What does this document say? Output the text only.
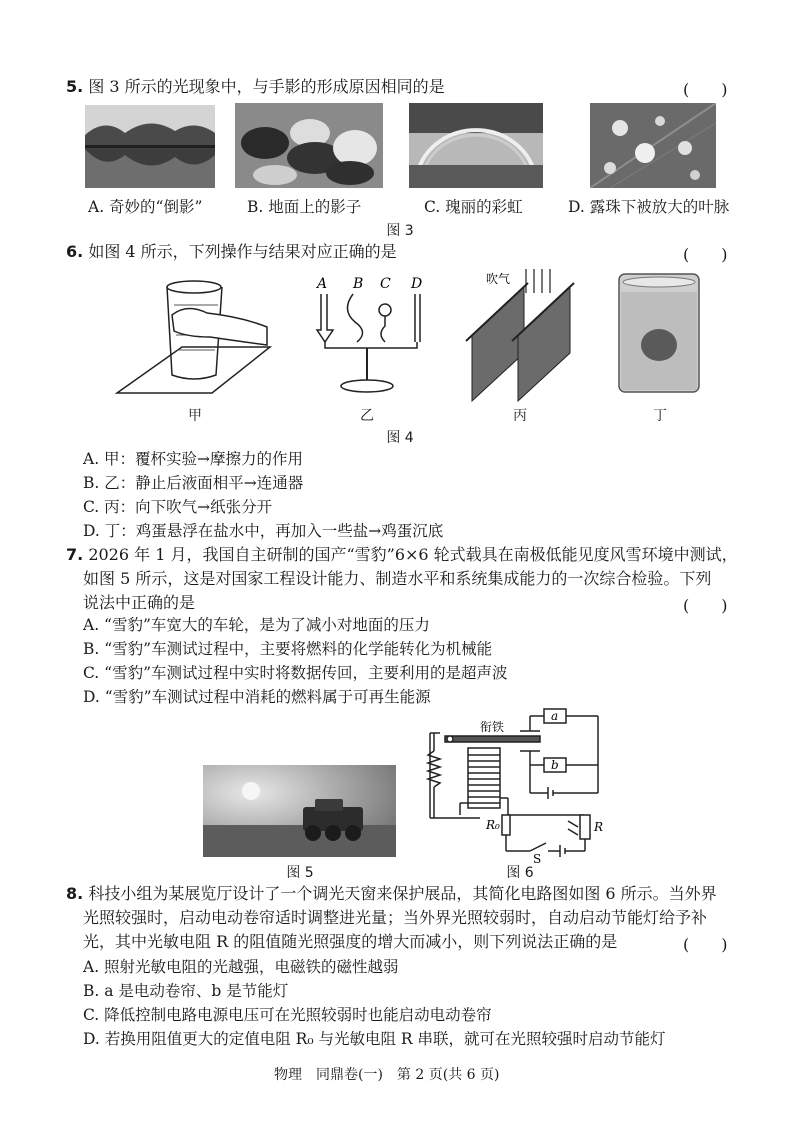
5. 图 3 所示的光现象中，与手影的形成原因相同的是	(　　)
A. 奇妙的“倒影”	B. 地面上的影子	C. 瑰丽的彩虹	D. 露珠下被放大的叶脉
图 3
6. 如图 4 所示，下列操作与结果对应正确的是	(　　)
甲
A B C D
乙
吹气
丙	丁
图 4
A. 甲：覆杯实验→摩擦力的作用
B. 乙：静止后液面相平→连通器
C. 丙：向下吹气→纸张分开
D. 丁：鸡蛋悬浮在盐水中，再加入一些盐→鸡蛋沉底
7. 2026 年 1 月，我国自主研制的国产“雪豹”6×6 轮式载具在南极低能见度风雪环境中测试，
如图 5 所示，这是对国家工程设计能力、制造水平和系统集成能力的一次综合检验。下列
说法中正确的是	(　　)
A. “雪豹”车宽大的车轮，是为了减小对地面的压力
B. “雪豹”车测试过程中，主要将燃料的化学能转化为机械能
C. “雪豹”车测试过程中实时将数据传回，主要利用的是超声波
D. “雪豹”车测试过程中消耗的燃料属于可再生能源
图 5
衔铁
a
b
R₀	R
S
图 6
8. 科技小组为某展览厅设计了一个调光天窗来保护展品，其简化电路图如图 6 所示。当外界
光照较强时，启动电动卷帘适时调整进光量；当外界光照较弱时，自动启动节能灯给予补
光，其中光敏电阻 R 的阻值随光照强度的增大而减小，则下列说法正确的是	(　　)
A. 照射光敏电阻的光越强，电磁铁的磁性越弱
B. a 是电动卷帘、b 是节能灯
C. 降低控制电路电源电压可在光照较弱时也能启动电动卷帘
D. 若换用阻值更大的定值电阻 R₀ 与光敏电阻 R 串联，就可在光照较强时启动节能灯
物理　同鼎卷(一)　第 2 页(共 6 页)
